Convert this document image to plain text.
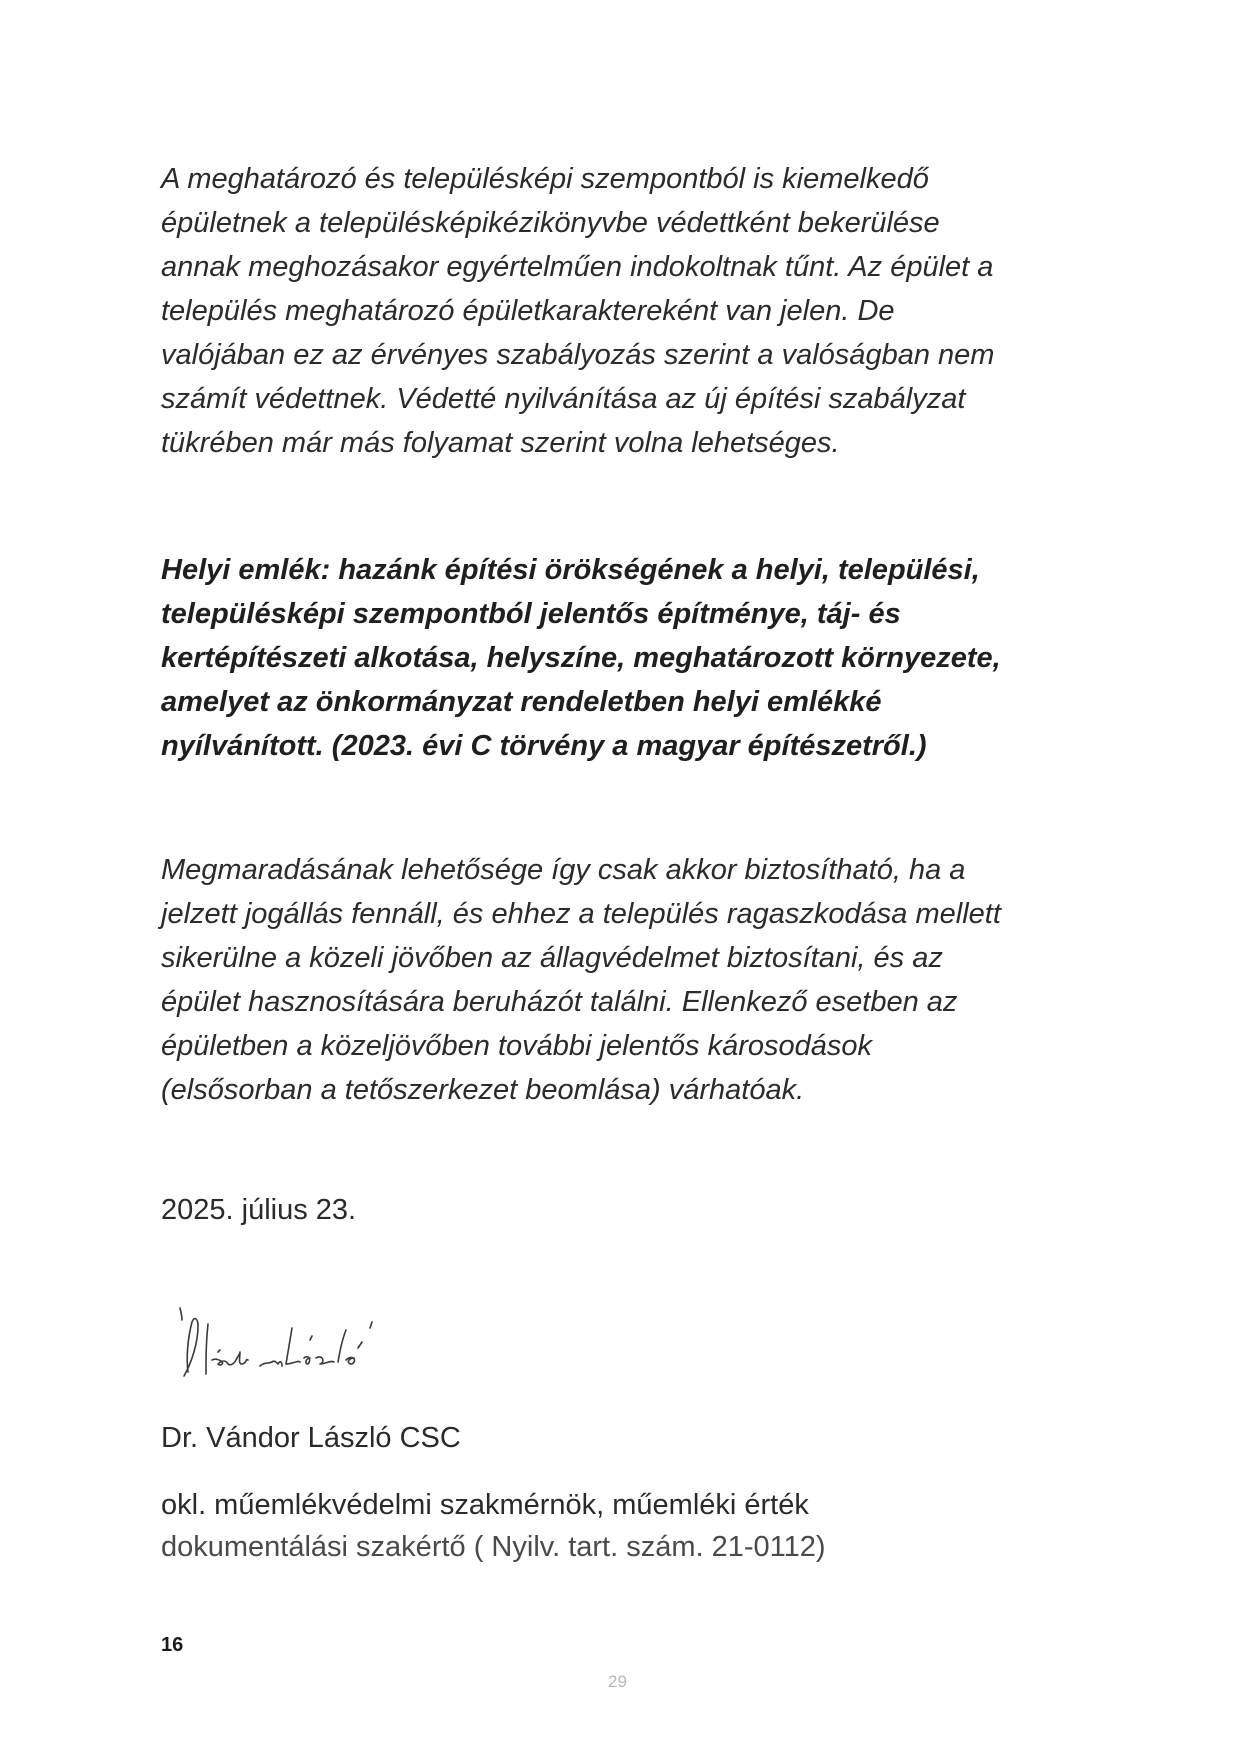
A meghatározó és településképi szempontból is kiemelkedő
épületnek a településképikézikönyvbe védettként bekerülése
annak meghozásakor egyértelműen indokoltnak tűnt. Az épület a
település meghatározó épületkaraktereként van jelen. De
valójában ez az érvényes szabályozás szerint a valóságban nem
számít védettnek. Védetté nyilvánítása az új építési szabályzat
tükrében már más folyamat szerint volna lehetséges.

Helyi emlék: hazánk építési örökségének a helyi, települési,
településképi szempontból jelentős építménye, táj- és
kertépítészeti alkotása, helyszíne, meghatározott környezete,
amelyet az önkormányzat rendeletben helyi emlékké
nyílvánított. (2023. évi C törvény a magyar építészetről.)

Megmaradásának lehetősége így csak akkor biztosítható, ha a
jelzett jogállás fennáll, és ehhez a település ragaszkodása mellett
sikerülne a közeli jövőben az állagvédelmet biztosítani, és az
épület hasznosítására beruházót találni. Ellenkező esetben az
épületben a közeljövőben további jelentős károsodások
(elsősorban a tetőszerkezet beomlása) várhatóak.

2025. július 23.

Dr. Vándor László CSC

okl. műemlékvédelmi szakmérnök, műemléki érték

dokumentálási szakértő ( Nyilv. tart. szám. 21-0112)

16
29
